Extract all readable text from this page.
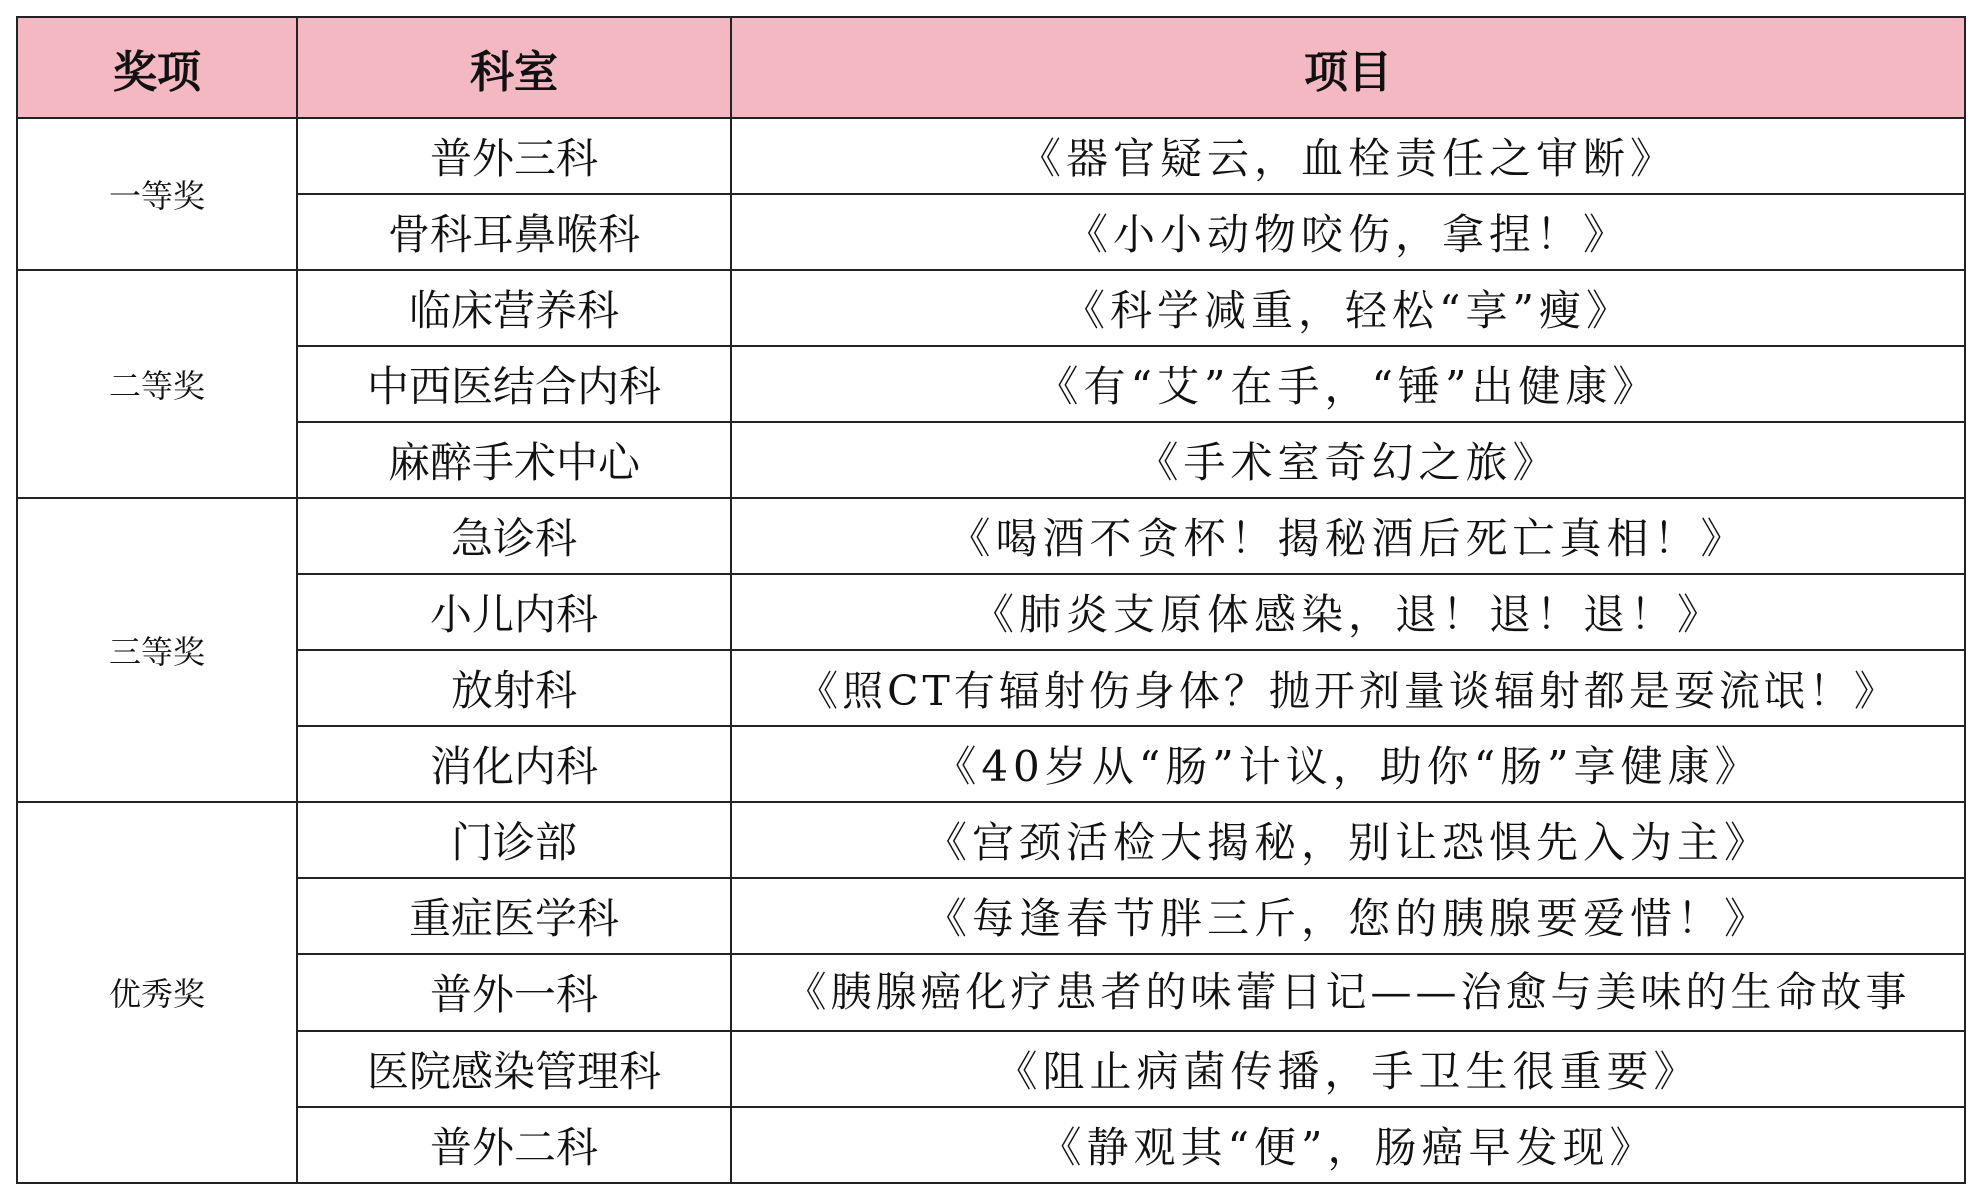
奖项	科室	项目
一等奖	普外三科	《器官疑云，血栓责任之审断》
	骨科耳鼻喉科	《小小动物咬伤，拿捏！》
二等奖	临床营养科	《科学减重，轻松“享”瘦》
	中西医结合内科	《有“艾”在手，“锤”出健康》
	麻醉手术中心	《手术室奇幻之旅》
三等奖	急诊科	《喝酒不贪杯！揭秘酒后死亡真相！》
	小儿内科	《肺炎支原体感染，退！退！退！》
	放射科	《照CT有辐射伤身体？抛开剂量谈辐射都是耍流氓！》
	消化内科	《40岁从“肠”计议，助你“肠”享健康》
优秀奖	门诊部	《宫颈活检大揭秘，别让恐惧先入为主》
	重症医学科	《每逢春节胖三斤，您的胰腺要爱惜！》
	普外一科	《胰腺癌化疗患者的味蕾日记——治愈与美味的生命故事
	医院感染管理科	《阻止病菌传播，手卫生很重要》
	普外二科	《静观其“便”，肠癌早发现》
